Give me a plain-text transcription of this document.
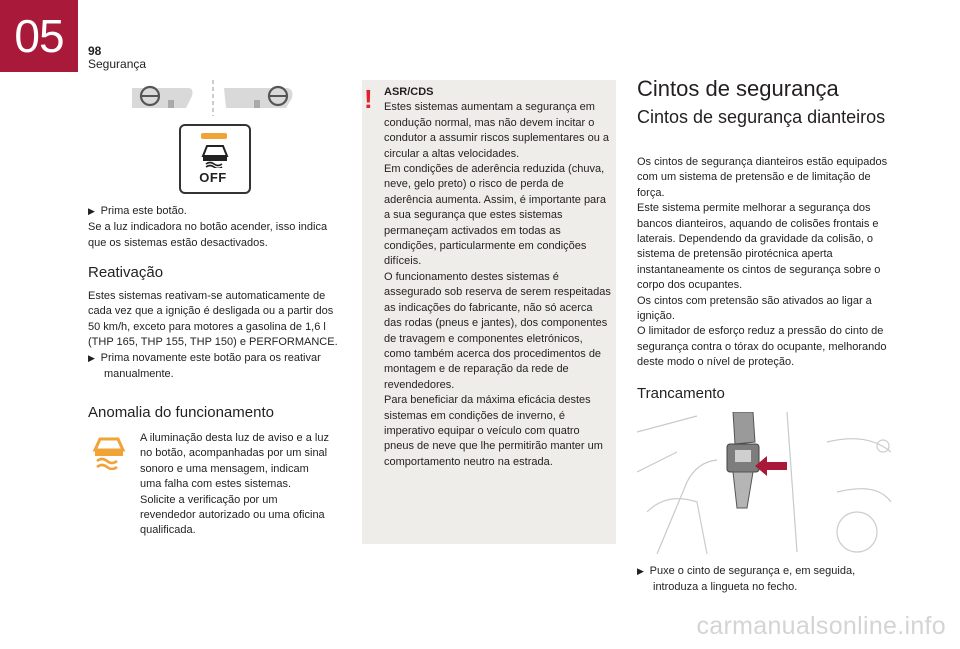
05	98
Segurança
OFF

▶  Prima este botão.

Se a luz indicadora no botão acender, isso indica que os sistemas estão desactivados.

Reativação

Estes sistemas reativam-se automaticamente de cada vez que a ignição é desligada ou a partir dos 50 km/h, exceto para motores a gasolina de 1,6 l (THP 165, THP 155, THP 150) e PERFORMANCE.

▶  Prima novamente este botão para os reativar manualmente.

Anomalia do funcionamento

A iluminação desta luz de aviso e a luz no botão, acompanhadas por um sinal sonoro e uma mensagem, indicam uma falha com estes sistemas.

Solicite a verificação por um revendedor autorizado ou uma oficina qualificada.

! ASR/CDS

Estes sistemas aumentam a segurança em condução normal, mas não devem incitar o condutor a assumir riscos suplementares ou a circular a altas velocidades.

Em condições de aderência reduzida (chuva, neve, gelo preto) o risco de perda de aderência aumenta. Assim, é importante para a sua segurança que estes sistemas permaneçam activados em todas as condições, particularmente em condições difíceis.

O funcionamento destes sistemas é assegurado sob reserva de serem respeitadas as indicações do fabricante, não só acerca das rodas (pneus e jantes), dos componentes de travagem e componentes eletrónicos, como também acerca dos procedimentos de montagem e de reparação da rede de revendedores.

Para beneficiar da máxima eficácia destes sistemas em condições de inverno, é imperativo equipar o veículo com quatro pneus de neve que lhe permitirão manter um comportamento neutro na estrada.

Cintos de segurança
Cintos de segurança dianteiros

Os cintos de segurança dianteiros estão equipados com um sistema de pretensão e de limitação de força.

Este sistema permite melhorar a segurança dos bancos dianteiros, aquando de colisões frontais e laterais. Dependendo da gravidade da colisão, o sistema de pretensão pirotécnica aperta instantaneamente os cintos de segurança sobre o corpo dos ocupantes.

Os cintos com pretensão são ativados ao ligar a ignição.

O limitador de esforço reduz a pressão do cinto de segurança contra o tórax do ocupante, melhorando deste modo o nível de proteção.

Trancamento

▶  Puxe o cinto de segurança e, em seguida, introduza a lingueta no fecho.

carmanualsonline.info
